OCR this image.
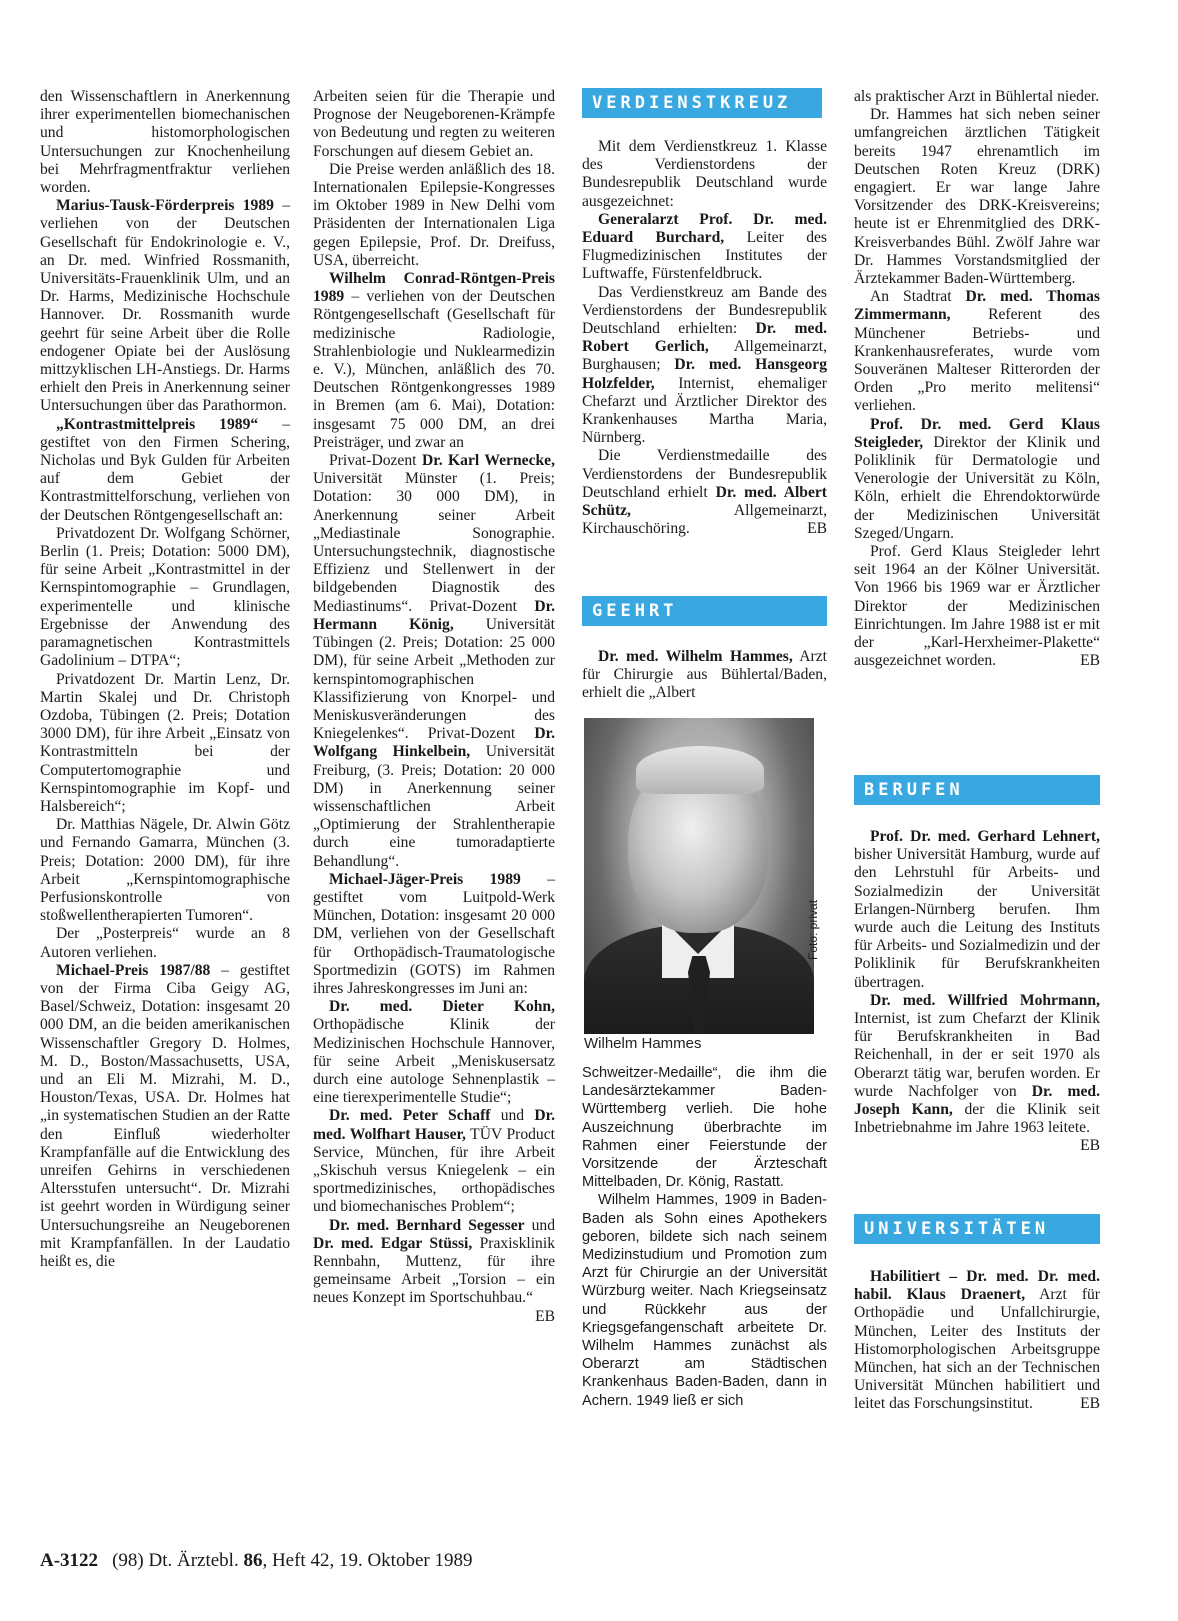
den Wissenschaftlern in Anerkennung ihrer experimentellen biomechanischen und histomorphologischen Untersuchungen zur Knochenheilung bei Mehrfragmentfraktur verliehen worden.

Marius-Tausk-Förderpreis 1989 – verliehen von der Deutschen Gesellschaft für Endokrinologie e. V., an Dr. med. Winfried Rossmanith, Universitäts-Frauenklinik Ulm, und an Dr. Harms, Medizinische Hochschule Hannover. Dr. Rossmanith wurde geehrt für seine Arbeit über die Rolle endogener Opiate bei der Auslösung mittzyklischen LH-Anstiegs. Dr. Harms erhielt den Preis in Anerkennung seiner Untersuchungen über das Parathormon.

„Kontrastmittelpreis 1989“ – gestiftet von den Firmen Schering, Nicholas und Byk Gulden für Arbeiten auf dem Gebiet der Kontrastmittelforschung, verliehen von der Deutschen Röntgengesellschaft an:

Privatdozent Dr. Wolfgang Schörner, Berlin (1. Preis; Dotation: 5000 DM), für seine Arbeit „Kontrastmittel in der Kernspintomographie – Grundlagen, experimentelle und klinische Ergebnisse der Anwendung des paramagnetischen Kontrastmittels Gadolinium – DTPA“;

Privatdozent Dr. Martin Lenz, Dr. Martin Skalej und Dr. Christoph Ozdoba, Tübingen (2. Preis; Dotation 3000 DM), für ihre Arbeit „Einsatz von Kontrastmitteln bei der Computertomographie und Kernspintomographie im Kopf- und Halsbereich“;

Dr. Matthias Nägele, Dr. Alwin Götz und Fernando Gamarra, München (3. Preis; Dotation: 2000 DM), für ihre Arbeit „Kernspintomographische Perfusionskontrolle von stoßwellentherapierten Tumoren“.

Der „Posterpreis“ wurde an 8 Autoren verliehen.

Michael-Preis 1987/88 – gestiftet von der Firma Ciba Geigy AG, Basel/Schweiz, Dotation: insgesamt 20 000 DM, an die beiden amerikanischen Wissenschaftler Gregory D. Holmes, M. D., Boston/Massachusetts, USA, und an Eli M. Mizrahi, M. D., Houston/Texas, USA. Dr. Holmes hat „in systematischen Studien an der Ratte den Einfluß wiederholter Krampfanfälle auf die Entwicklung des unreifen Gehirns in verschiedenen Altersstufen untersucht“. Dr. Mizrahi ist geehrt worden in Würdigung seiner Untersuchungsreihe an Neugeborenen mit Krampfanfällen. In der Laudatio heißt es, die

Arbeiten seien für die Therapie und Prognose der Neugeborenen-Krämpfe von Bedeutung und regten zu weiteren Forschungen auf diesem Gebiet an.

Die Preise werden anläßlich des 18. Internationalen Epilepsie-Kongresses im Oktober 1989 in New Delhi vom Präsidenten der Internationalen Liga gegen Epilepsie, Prof. Dr. Dreifuss, USA, überreicht.

Wilhelm Conrad-Röntgen-Preis 1989 – verliehen von der Deutschen Röntgengesellschaft (Gesellschaft für medizinische Radiologie, Strahlenbiologie und Nuklearmedizin e. V.), München, anläßlich des 70. Deutschen Röntgenkongresses 1989 in Bremen (am 6. Mai), Dotation: insgesamt 75 000 DM, an drei Preisträger, und zwar an

Privat-Dozent Dr. Karl Wernecke, Universität Münster (1. Preis; Dotation: 30 000 DM), in Anerkennung seiner Arbeit „Mediastinale Sonographie. Untersuchungstechnik, diagnostische Effizienz und Stellenwert in der bildgebenden Diagnostik des Mediastinums“. Privat-Dozent Dr. Hermann König, Universität Tübingen (2. Preis; Dotation: 25 000 DM), für seine Arbeit „Methoden zur kernspintomographischen Klassifizierung von Knorpel- und Meniskusveränderungen des Kniegelenkes“. Privat-Dozent Dr. Wolfgang Hinkelbein, Universität Freiburg, (3. Preis; Dotation: 20 000 DM) in Anerkennung seiner wissenschaftlichen Arbeit „Optimierung der Strahlentherapie durch eine tumoradaptierte Behandlung“.

Michael-Jäger-Preis 1989 – gestiftet vom Luitpold-Werk München, Dotation: insgesamt 20 000 DM, verliehen von der Gesellschaft für Orthopädisch-Traumatologische Sportmedizin (GOTS) im Rahmen ihres Jahreskongresses im Juni an:

Dr. med. Dieter Kohn, Orthopädische Klinik der Medizinischen Hochschule Hannover, für seine Arbeit „Meniskusersatz durch eine autologe Sehnenplastik – eine tierexperimentelle Studie“;

Dr. med. Peter Schaff und Dr. med. Wolfhart Hauser, TÜV Product Service, München, für ihre Arbeit „Skischuh versus Kniegelenk – ein sportmedizinisches, orthopädisches und biomechanisches Problem“;

Dr. med. Bernhard Segesser und Dr. med. Edgar Stüssi, Praxisklinik Rennbahn, Muttenz, für ihre gemeinsame Arbeit „Torsion – ein neues Konzept im Sportschuhbau.“
EB

VERDIENSTKREUZ
GEEHRT

Mit dem Verdienstkreuz 1. Klasse des Verdienstordens der Bundesrepublik Deutschland wurde ausgezeichnet:

Generalarzt Prof. Dr. med. Eduard Burchard, Leiter des Flugmedizinischen Institutes der Luftwaffe, Fürstenfeldbruck.

Das Verdienstkreuz am Bande des Verdienstordens der Bundesrepublik Deutschland erhielten: Dr. med. Robert Gerlich, Allgemeinarzt, Burghausen; Dr. med. Hansgeorg Holzfelder, Internist, ehemaliger Chefarzt und Ärztlicher Direktor des Krankenhauses Martha Maria, Nürnberg.

Die Verdienstmedaille des Verdienstordens der Bundesrepublik Deutschland erhielt Dr. med. Albert Schütz, Allgemeinarzt, Kirchauschöring.	EB

Dr. med. Wilhelm Hammes, Arzt für Chirurgie aus Bühlertal/Baden, erhielt die „Albert

Foto: privat
Wilhelm Hammes

Schweitzer-Medaille“, die ihm die Landesärztekammer Baden-Württemberg verlieh. Die hohe Auszeichnung überbrachte im Rahmen einer Feierstunde der Vorsitzende der Ärzteschaft Mittelbaden, Dr. König, Rastatt.

Wilhelm Hammes, 1909 in Baden-Baden als Sohn eines Apothekers geboren, bildete sich nach seinem Medizinstudium und Promotion zum Arzt für Chirurgie an der Universität Würzburg weiter. Nach Kriegseinsatz und Rückkehr aus der Kriegsgefangenschaft arbeitete Dr. Wilhelm Hammes zunächst als Oberarzt am Städtischen Krankenhaus Baden-Baden, dann in Achern. 1949 ließ er sich

als praktischer Arzt in Bühlertal nieder.

Dr. Hammes hat sich neben seiner umfangreichen ärztlichen Tätigkeit bereits 1947 ehrenamtlich im Deutschen Roten Kreuz (DRK) engagiert. Er war lange Jahre Vorsitzender des DRK-Kreisvereins; heute ist er Ehrenmitglied des DRK-Kreisverbandes Bühl. Zwölf Jahre war Dr. Hammes Vorstandsmitglied der Ärztekammer Baden-Württemberg.

An Stadtrat Dr. med. Thomas Zimmermann, Referent des Münchener Betriebs- und Krankenhausreferates, wurde vom Souveränen Malteser Ritterorden der Orden „Pro merito melitensi“ verliehen.

Prof. Dr. med. Gerd Klaus Steigleder, Direktor der Klinik und Poliklinik für Dermatologie und Venerologie der Universität zu Köln, Köln, erhielt die Ehrendoktorwürde der Medizinischen Universität Szeged/Ungarn.

Prof. Gerd Klaus Steigleder lehrt seit 1964 an der Kölner Universität. Von 1966 bis 1969 war er Ärztlicher Direktor der Medizinischen Einrichtungen. Im Jahre 1988 ist er mit der „Karl-Herxheimer-Plakette“ ausgezeichnet worden.	EB

BERUFEN

Prof. Dr. med. Gerhard Lehnert, bisher Universität Hamburg, wurde auf den Lehrstuhl für Arbeits- und Sozialmedizin der Universität Erlangen-Nürnberg berufen. Ihm wurde auch die Leitung des Instituts für Arbeits- und Sozialmedizin und der Poliklinik für Berufskrankheiten übertragen.

Dr. med. Willfried Mohrmann, Internist, ist zum Chefarzt der Klinik für Berufskrankheiten in Bad Reichenhall, in der er seit 1970 als Oberarzt tätig war, berufen worden. Er wurde Nachfolger von Dr. med. Joseph Kann, der die Klinik seit Inbetriebnahme im Jahre 1963 leitete.
EB

UNIVERSITÄTEN

Habilitiert – Dr. med. Dr. med. habil. Klaus Draenert, Arzt für Orthopädie und Unfallchirurgie, München, Leiter des Instituts der Histomorphologischen Arbeitsgruppe München, hat sich an der Technischen Universität München habilitiert und leitet das Forschungsinstitut.	EB

A-3122 (98) Dt. Ärztebl. 86, Heft 42, 19. Oktober 1989
